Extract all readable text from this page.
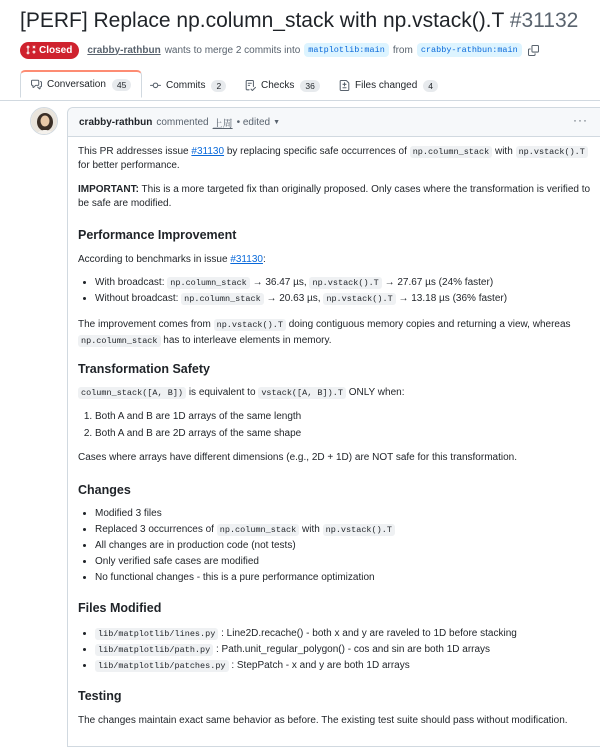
[PERF] Replace np.column_stack with np.vstack().T #31132
Closed crabby-rathbun wants to merge 2 commits into matplotlib:main from crabby-rathbun:main
Conversation	45	Commits	2	Checks	36	Files changed	4
crabby-rathbun commented 上周 • edited ▼	···

This PR addresses issue #31130 by replacing specific safe occurrences of np.column_stack with np.vstack().T for better performance.

IMPORTANT: This is a more targeted fix than originally proposed. Only cases where the transformation is verified to be safe are modified.

Performance Improvement

According to benchmarks in issue #31130:

• With broadcast: np.column_stack → 36.47 µs, np.vstack().T → 27.67 µs (24% faster)
• Without broadcast: np.column_stack → 20.63 µs, np.vstack().T → 13.18 µs (36% faster)

The improvement comes from np.vstack().T doing contiguous memory copies and returning a view, whereas np.column_stack has to interleave elements in memory.

Transformation Safety

column_stack([A, B]) is equivalent to vstack([A, B]).T ONLY when:

1. Both A and B are 1D arrays of the same length
2. Both A and B are 2D arrays of the same shape

Cases where arrays have different dimensions (e.g., 2D + 1D) are NOT safe for this transformation.

Changes
• Modified 3 files
• Replaced 3 occurrences of np.column_stack with np.vstack().T
• All changes are in production code (not tests)
• Only verified safe cases are modified
• No functional changes - this is a pure performance optimization
Files Modified
• lib/matplotlib/lines.py : Line2D.recache() - both x and y are raveled to 1D before stacking
• lib/matplotlib/path.py : Path.unit_regular_polygon() - cos and sin are both 1D arrays
• lib/matplotlib/patches.py : StepPatch - x and y are both 1D arrays
Testing

The changes maintain exact same behavior as before. The existing test suite should pass without modification.
